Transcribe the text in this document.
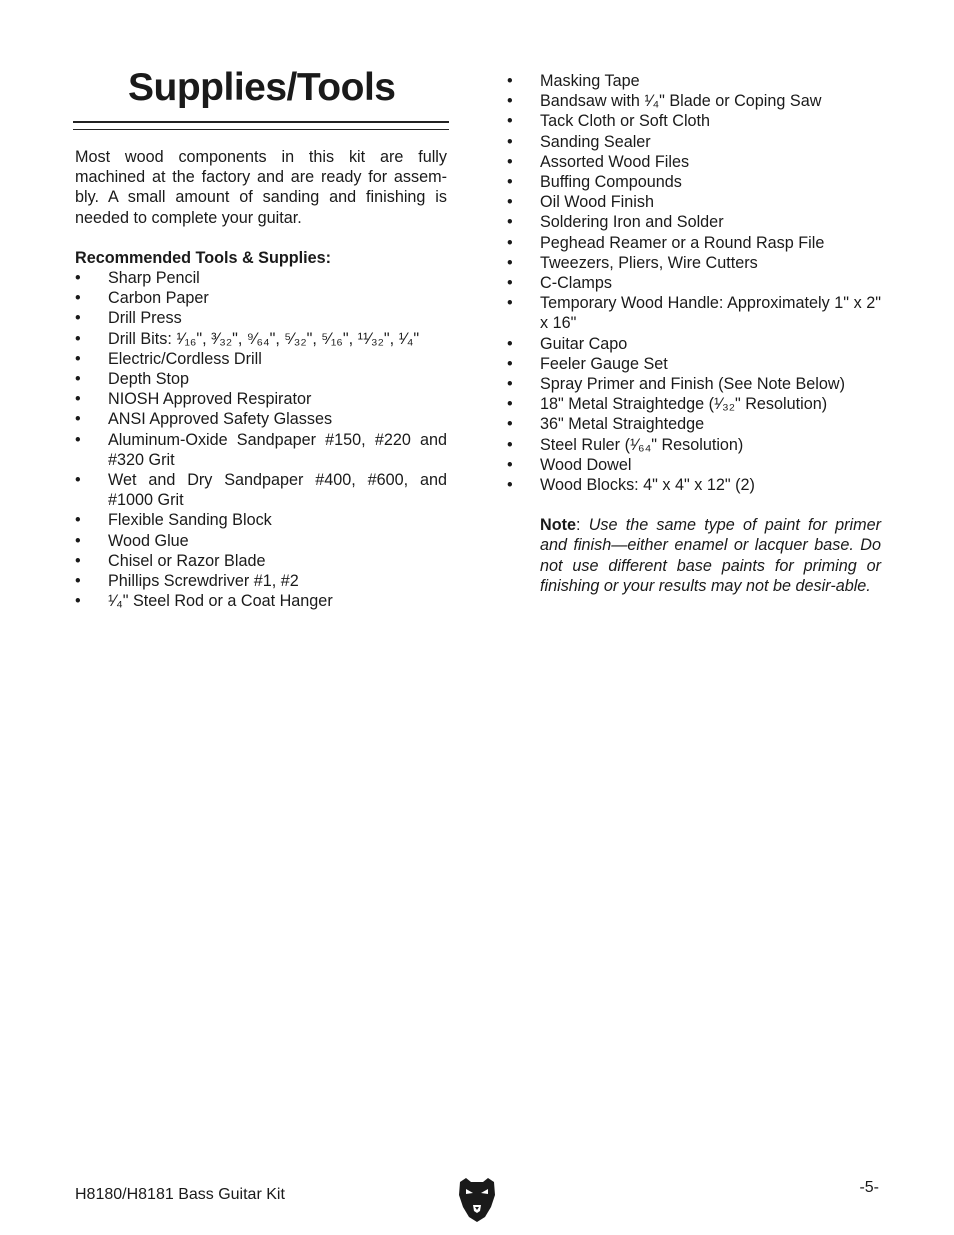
Supplies/Tools

Most wood components in this kit are fully machined at the factory and are ready for assem-bly. A small amount of sanding and finishing is needed to complete your guitar.

Recommended Tools & Supplies:

• Sharp Pencil
• Carbon Paper
• Drill Press
• Drill Bits: ¹⁄₁₆", ³⁄₃₂", ⁹⁄₆₄", ⁵⁄₃₂", ⁵⁄₁₆", ¹¹⁄₃₂", ¹⁄₄"
• Electric/Cordless Drill
• Depth Stop
• NIOSH Approved Respirator
• ANSI Approved Safety Glasses
• Aluminum-Oxide Sandpaper #150, #220 and #320 Grit
• Wet and Dry Sandpaper #400, #600, and #1000 Grit
• Flexible Sanding Block
• Wood Glue
• Chisel or Razor Blade
• Phillips Screwdriver #1, #2
• ¹⁄₄" Steel Rod or a Coat Hanger
• Masking Tape
• Bandsaw with ¹⁄₄" Blade or Coping Saw
• Tack Cloth or Soft Cloth
• Sanding Sealer
• Assorted Wood Files
• Buffing Compounds
• Oil Wood Finish
• Soldering Iron and Solder
• Peghead Reamer or a Round Rasp File
• Tweezers, Pliers, Wire Cutters
• C-Clamps
• Temporary Wood Handle: Approximately 1" x 2" x 16"
• Guitar Capo
• Feeler Gauge Set
• Spray Primer and Finish (See Note Below)
• 18" Metal Straightedge (¹⁄₃₂" Resolution)
• 36" Metal Straightedge
• Steel Ruler (¹⁄₆₄" Resolution)
• Wood Dowel
• Wood Blocks: 4" x 4" x 12" (2)

Note: Use the same type of paint for primer and finish—either enamel or lacquer base. Do not use different base paints for priming or finishing or your results may not be desir-able.

H8180/H8181 Bass Guitar Kit	-5-
